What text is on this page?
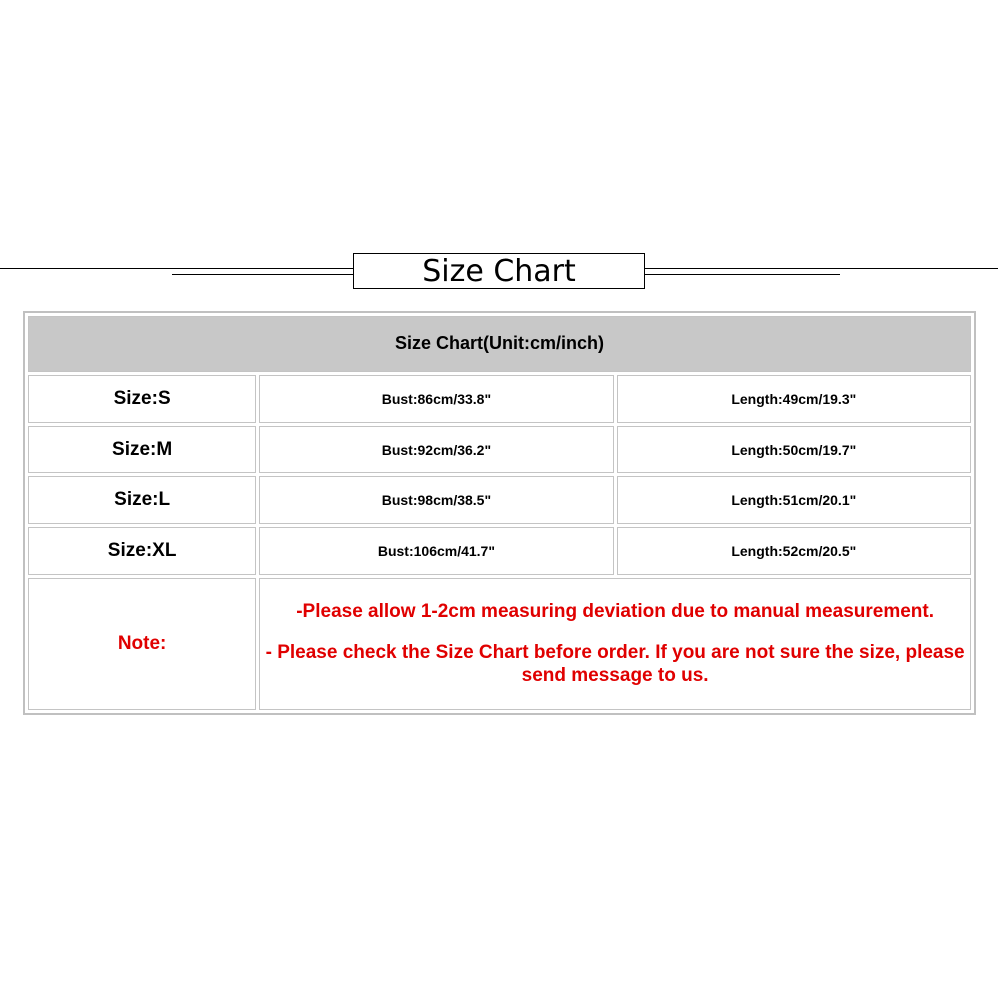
Size Chart
Size Chart(Unit:cm/inch)		
Size:S	Bust:86cm/33.8"	Length:49cm/19.3"
Size:M	Bust:92cm/36.2"	Length:50cm/19.7"
Size:L	Bust:98cm/38.5"	Length:51cm/20.1"
Size:XL	Bust:106cm/41.7"	Length:52cm/20.5"
Note:	-Please allow 1-2cm measuring deviation due to manual measurement.

- Please check the Size Chart before order. If you are not sure the size, please send message to us.	
